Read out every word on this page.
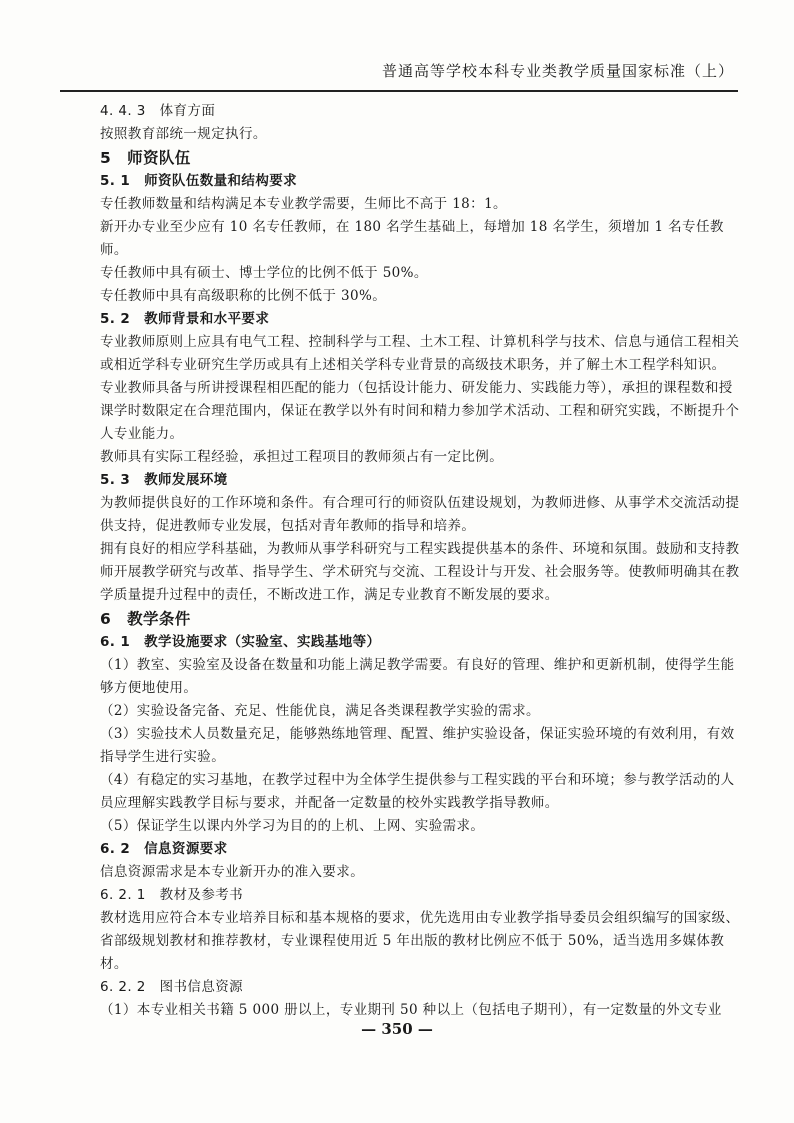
普通高等学校本科专业类教学质量国家标准（上）

4. 4. 3　体育方面

按照教育部统一规定执行。

5　师资队伍

5. 1　师资队伍数量和结构要求

专任教师数量和结构满足本专业教学需要，生师比不高于 18：1。

新开办专业至少应有 10 名专任教师，在 180 名学生基础上，每增加 18 名学生，须增加 1 名专任教师。

专任教师中具有硕士、博士学位的比例不低于 50%。

专任教师中具有高级职称的比例不低于 30%。

5. 2　教师背景和水平要求

专业教师原则上应具有电气工程、控制科学与工程、土木工程、计算机科学与技术、信息与通信工程相关或相近学科专业研究生学历或具有上述相关学科专业背景的高级技术职务，并了解土木工程学科知识。

专业教师具备与所讲授课程相匹配的能力（包括设计能力、研发能力、实践能力等），承担的课程数和授课学时数限定在合理范围内，保证在教学以外有时间和精力参加学术活动、工程和研究实践，不断提升个人专业能力。

教师具有实际工程经验，承担过工程项目的教师须占有一定比例。

5. 3　教师发展环境

为教师提供良好的工作环境和条件。有合理可行的师资队伍建设规划，为教师进修、从事学术交流活动提供支持，促进教师专业发展，包括对青年教师的指导和培养。

拥有良好的相应学科基础，为教师从事学科研究与工程实践提供基本的条件、环境和氛围。鼓励和支持教师开展教学研究与改革、指导学生、学术研究与交流、工程设计与开发、社会服务等。使教师明确其在教学质量提升过程中的责任，不断改进工作，满足专业教育不断发展的要求。

6　教学条件

6. 1　教学设施要求（实验室、实践基地等）

（1）教室、实验室及设备在数量和功能上满足教学需要。有良好的管理、维护和更新机制，使得学生能够方便地使用。

（2）实验设备完备、充足、性能优良，满足各类课程教学实验的需求。

（3）实验技术人员数量充足，能够熟练地管理、配置、维护实验设备，保证实验环境的有效利用，有效指导学生进行实验。

（4）有稳定的实习基地，在教学过程中为全体学生提供参与工程实践的平台和环境；参与教学活动的人员应理解实践教学目标与要求，并配备一定数量的校外实践教学指导教师。

（5）保证学生以课内外学习为目的的上机、上网、实验需求。

6. 2　信息资源要求

信息资源需求是本专业新开办的准入要求。

6. 2. 1　教材及参考书

教材选用应符合本专业培养目标和基本规格的要求，优先选用由专业教学指导委员会组织编写的国家级、省部级规划教材和推荐教材，专业课程使用近 5 年出版的教材比例应不低于 50%，适当选用多媒体教材。

6. 2. 2　图书信息资源

（1）本专业相关书籍 5 000 册以上，专业期刊 50 种以上（包括电子期刊），有一定数量的外文专业

— 350 —
